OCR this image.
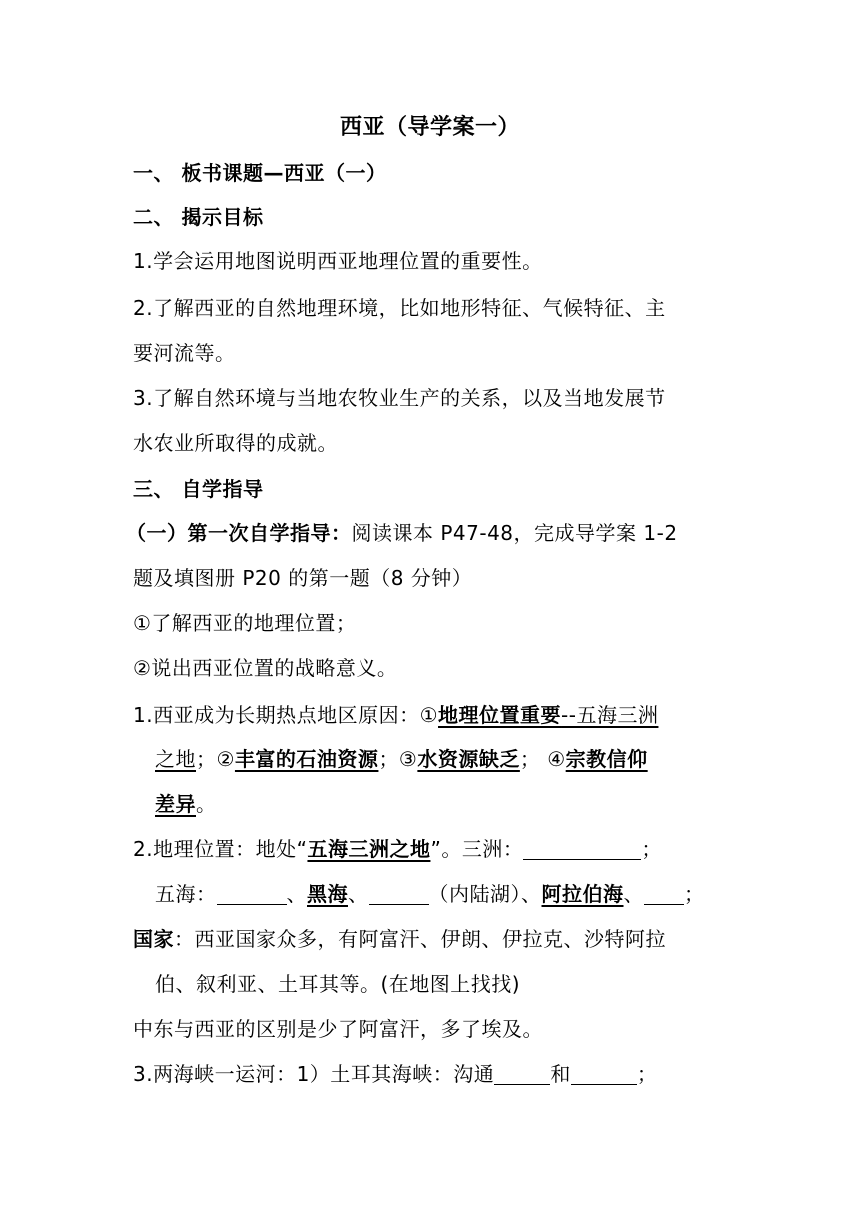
西亚（导学案一）
一、 板书课题—西亚（一）
二、 揭示目标
1.学会运用地图说明西亚地理位置的重要性。
2.了解西亚的自然地理环境，比如地形特征、气候特征、主
要河流等。
3.了解自然环境与当地农牧业生产的关系，以及当地发展节
水农业所取得的成就。
三、 自学指导
（一）第一次自学指导：阅读课本 P47-48，完成导学案 1-2
题及填图册 P20 的第一题（8 分钟）
①了解西亚的地理位置；
②说出西亚位置的战略意义。
1.西亚成为长期热点地区原因：①地理位置重要--五海三洲
之地；②丰富的石油资源；③水资源缺乏； ④宗教信仰
差异。
2.地理位置：地处“五海三洲之地”。三洲：	；
五海：	、黑海、	（内陆湖）、阿拉伯海、 ；
国家：西亚国家众多，有阿富汗、伊朗、伊拉克、沙特阿拉
伯、叙利亚、土耳其等。(在地图上找找)
中东与西亚的区别是少了阿富汗，多了埃及。
3.两海峡一运河：1）土耳其海峡：沟通	和	；
